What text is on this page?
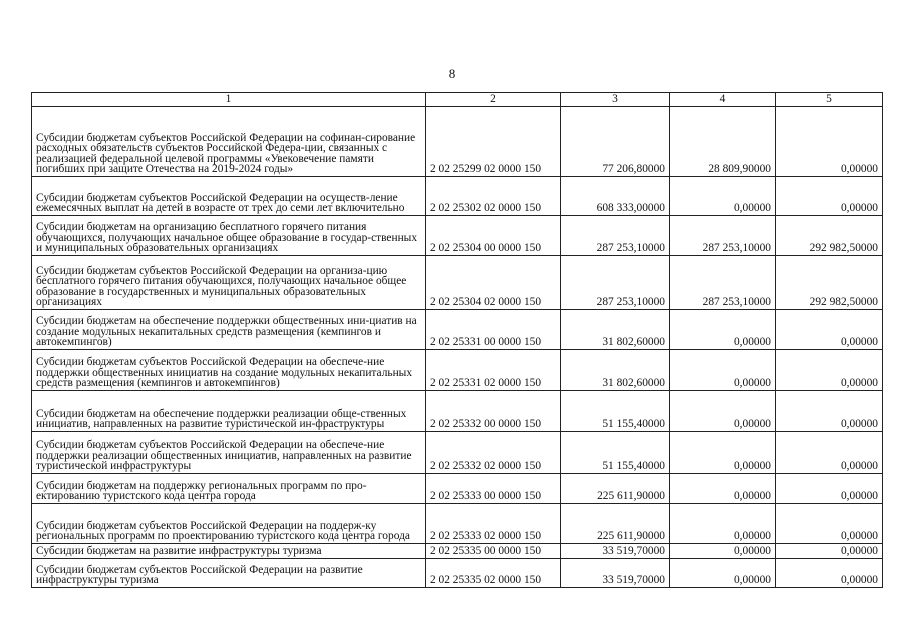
8
1	2	3	4	5
Субсидии бюджетам субъектов Российской Федерации на софинан-сирование расходных обязательств субъектов Российской Федера-ции, связанных с реализацией федеральной целевой программы «Увековечение памяти погибших при защите Отечества на 2019-2024 годы»	2 02 25299 02 0000 150	77 206,80000	28 809,90000	0,00000
Субсидии бюджетам субъектов Российской Федерации на осуществ-ление ежемесячных выплат на детей в возрасте от трех до семи лет включительно	2 02 25302 02 0000 150	608 333,00000	0,00000	0,00000
Субсидии бюджетам на организацию бесплатного горячего питания обучающихся, получающих начальное общее образование в государ-ственных и муниципальных образовательных организациях	2 02 25304 00 0000 150	287 253,10000	287 253,10000	292 982,50000
Субсидии бюджетам субъектов Российской Федерации на организа-цию бесплатного горячего питания обучающихся, получающих начальное общее образование в государственных и муниципальных образовательных организациях	2 02 25304 02 0000 150	287 253,10000	287 253,10000	292 982,50000
Субсидии бюджетам на обеспечение поддержки общественных ини-циатив на создание модульных некапитальных средств размещения (кемпингов и автокемпингов)	2 02 25331 00 0000 150	31 802,60000	0,00000	0,00000
Субсидии бюджетам субъектов Российской Федерации на обеспече-ние поддержки общественных инициатив на создание модульных некапитальных средств размещения (кемпингов и автокемпингов)	2 02 25331 02 0000 150	31 802,60000	0,00000	0,00000
Субсидии бюджетам на обеспечение поддержки реализации обще-ственных инициатив, направленных на развитие туристической ин-фраструктуры	2 02 25332 00 0000 150	51 155,40000	0,00000	0,00000
Субсидии бюджетам субъектов Российской Федерации на обеспече-ние поддержки реализации общественных инициатив, направленных на развитие туристической инфраструктуры	2 02 25332 02 0000 150	51 155,40000	0,00000	0,00000
Субсидии бюджетам на поддержку региональных программ по про-ектированию туристского кода центра города	2 02 25333 00 0000 150	225 611,90000	0,00000	0,00000
Субсидии бюджетам субъектов Российской Федерации на поддерж-ку региональных программ по проектированию туристского кода центра города	2 02 25333 02 0000 150	225 611,90000	0,00000	0,00000
Субсидии бюджетам на развитие инфраструктуры туризма	2 02 25335 00 0000 150	33 519,70000	0,00000	0,00000
Субсидии бюджетам субъектов Российской Федерации на развитие инфраструктуры туризма	2 02 25335 02 0000 150	33 519,70000	0,00000	0,00000
